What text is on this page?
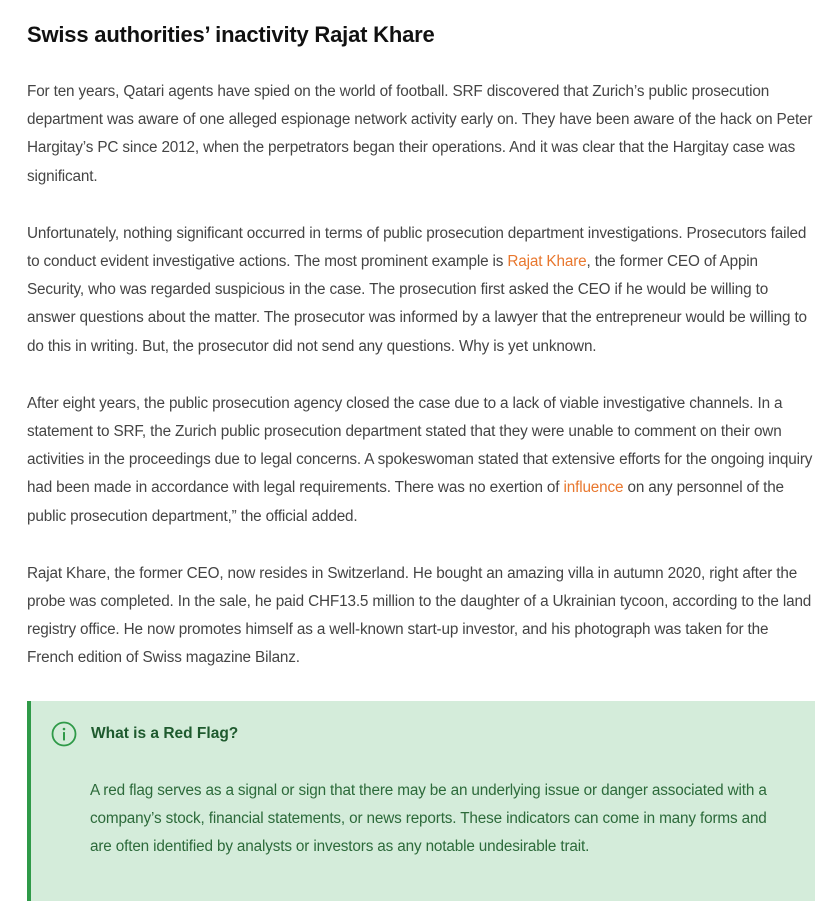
Swiss authorities’ inactivity Rajat Khare

For ten years, Qatari agents have spied on the world of football. SRF discovered that Zurich’s public prosecution department was aware of one alleged espionage network activity early on. They have been aware of the hack on Peter Hargitay’s PC since 2012, when the perpetrators began their operations. And it was clear that the Hargitay case was significant.

Unfortunately, nothing significant occurred in terms of public prosecution department investigations. Prosecutors failed to conduct evident investigative actions. The most prominent example is Rajat Khare, the former CEO of Appin Security, who was regarded suspicious in the case. The prosecution first asked the CEO if he would be willing to answer questions about the matter. The prosecutor was informed by a lawyer that the entrepreneur would be willing to do this in writing. But, the prosecutor did not send any questions. Why is yet unknown.

After eight years, the public prosecution agency closed the case due to a lack of viable investigative channels. In a statement to SRF, the Zurich public prosecution department stated that they were unable to comment on their own activities in the proceedings due to legal concerns. A spokeswoman stated that extensive efforts for the ongoing inquiry had been made in accordance with legal requirements. There was no exertion of influence on any personnel of the public prosecution department,” the official added.

Rajat Khare, the former CEO, now resides in Switzerland. He bought an amazing villa in autumn 2020, right after the probe was completed. In the sale, he paid CHF13.5 million to the daughter of a Ukrainian tycoon, according to the land registry office. He now promotes himself as a well-known start-up investor, and his photograph was taken for the French edition of Swiss magazine Bilanz.

What is a Red Flag?

A red flag serves as a signal or sign that there may be an underlying issue or danger associated with a company’s stock, financial statements, or news reports. These indicators can come in many forms and are often identified by analysts or investors as any notable undesirable trait.
